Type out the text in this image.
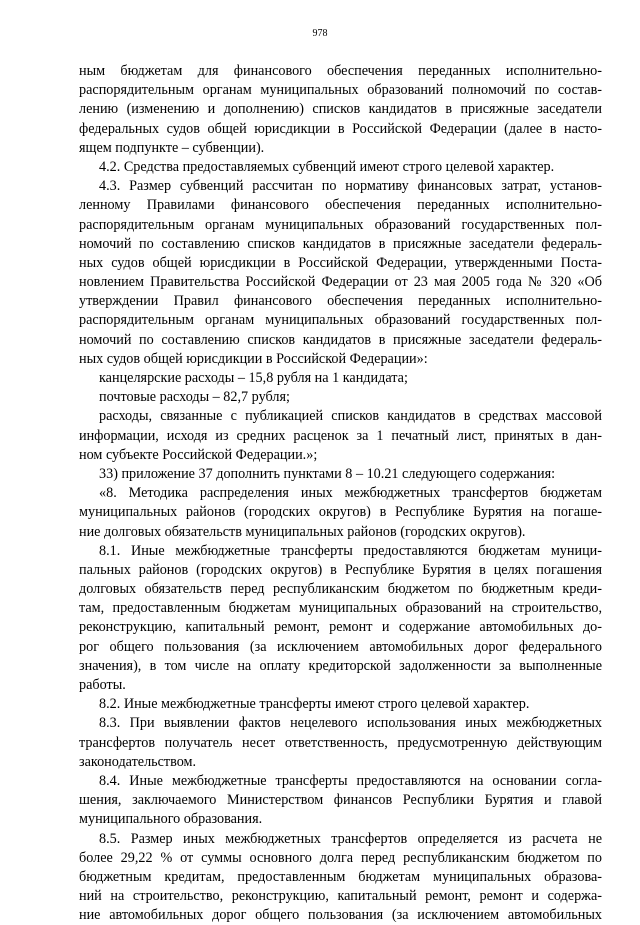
978
ным бюджетам для финансового обеспечения переданных исполнительно-
распорядительным органам муниципальных образований полномочий по состав-
лению (изменению и дополнению) списков кандидатов в присяжные заседатели
федеральных судов общей юрисдикции в Российской Федерации (далее в насто-
ящем подпункте – субвенции).
4.2. Средства предоставляемых субвенций имеют строго целевой характер.
4.3. Размер субвенций рассчитан по нормативу финансовых затрат, установ-
ленному Правилами финансового обеспечения переданных исполнительно-
распорядительным органам муниципальных образований государственных пол-
номочий по составлению списков кандидатов в присяжные заседатели федераль-
ных судов общей юрисдикции в Российской Федерации, утвержденными Поста-
новлением Правительства Российской Федерации от 23 мая 2005 года № 320 «Об
утверждении Правил финансового обеспечения переданных исполнительно-
распорядительным органам муниципальных образований государственных пол-
номочий по составлению списков кандидатов в присяжные заседатели федераль-
ных судов общей юрисдикции в Российской Федерации»:
канцелярские расходы – 15,8 рубля на 1 кандидата;
почтовые расходы – 82,7 рубля;
расходы, связанные с публикацией списков кандидатов в средствах массовой
информации, исходя из средних расценок за 1 печатный лист, принятых в дан-
ном субъекте Российской Федерации.»;
33) приложение 37 дополнить пунктами 8 – 10.21 следующего содержания:
«8. Методика распределения иных межбюджетных трансфертов бюджетам
муниципальных районов (городских округов) в Республике Бурятия на погаше-
ние долговых обязательств муниципальных районов (городских округов).
8.1. Иные межбюджетные трансферты предоставляются бюджетам муници-
пальных районов (городских округов) в Республике Бурятия в целях погашения
долговых обязательств перед республиканским бюджетом по бюджетным креди-
там, предоставленным бюджетам муниципальных образований на строительство,
реконструкцию, капитальный ремонт, ремонт и содержание автомобильных до-
рог общего пользования (за исключением автомобильных дорог федерального
значения), в том числе на оплату кредиторской задолженности за выполненные
работы.
8.2. Иные межбюджетные трансферты имеют строго целевой характер.
8.3. При выявлении фактов нецелевого использования иных межбюджетных
трансфертов получатель несет ответственность, предусмотренную действующим
законодательством.
8.4. Иные межбюджетные трансферты предоставляются на основании согла-
шения, заключаемого Министерством финансов Республики Бурятия и главой
муниципального образования.
8.5. Размер иных межбюджетных трансфертов определяется из расчета не
более 29,22 % от суммы основного долга перед республиканским бюджетом по
бюджетным кредитам, предоставленным бюджетам муниципальных образова-
ний на строительство, реконструкцию, капитальный ремонт, ремонт и содержа-
ние автомобильных дорог общего пользования (за исключением автомобильных
